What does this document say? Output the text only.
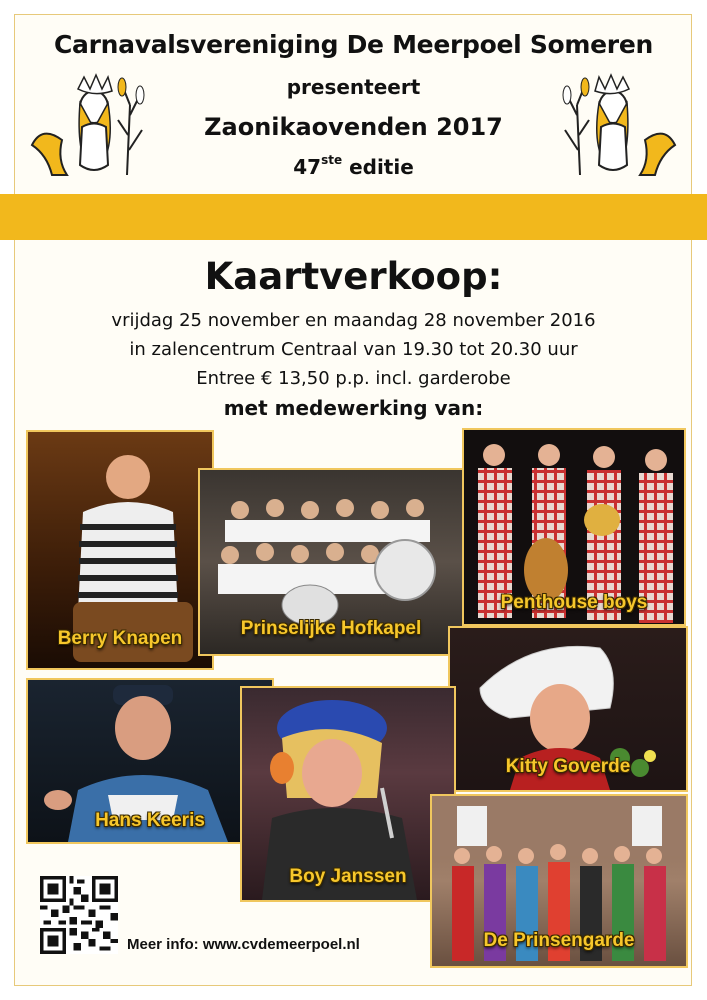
Carnavalsvereniging De Meerpoel Someren
presenteert
Zaonikaovenden 2017
47ste editie
Kaartverkoop:
vrijdag 25 november en maandag 28 november 2016
in zalencentrum Centraal van 19.30 tot 20.30 uur
Entree € 13,50 p.p. incl. garderobe
met medewerking van:
Berry Knapen	Prinselijke Hofkapel
Penthouse boys
Kitty Goverde
Hans Keeris
Boy Janssen
De Prinsengarde
Meer info: www.cvdemeerpoel.nl
